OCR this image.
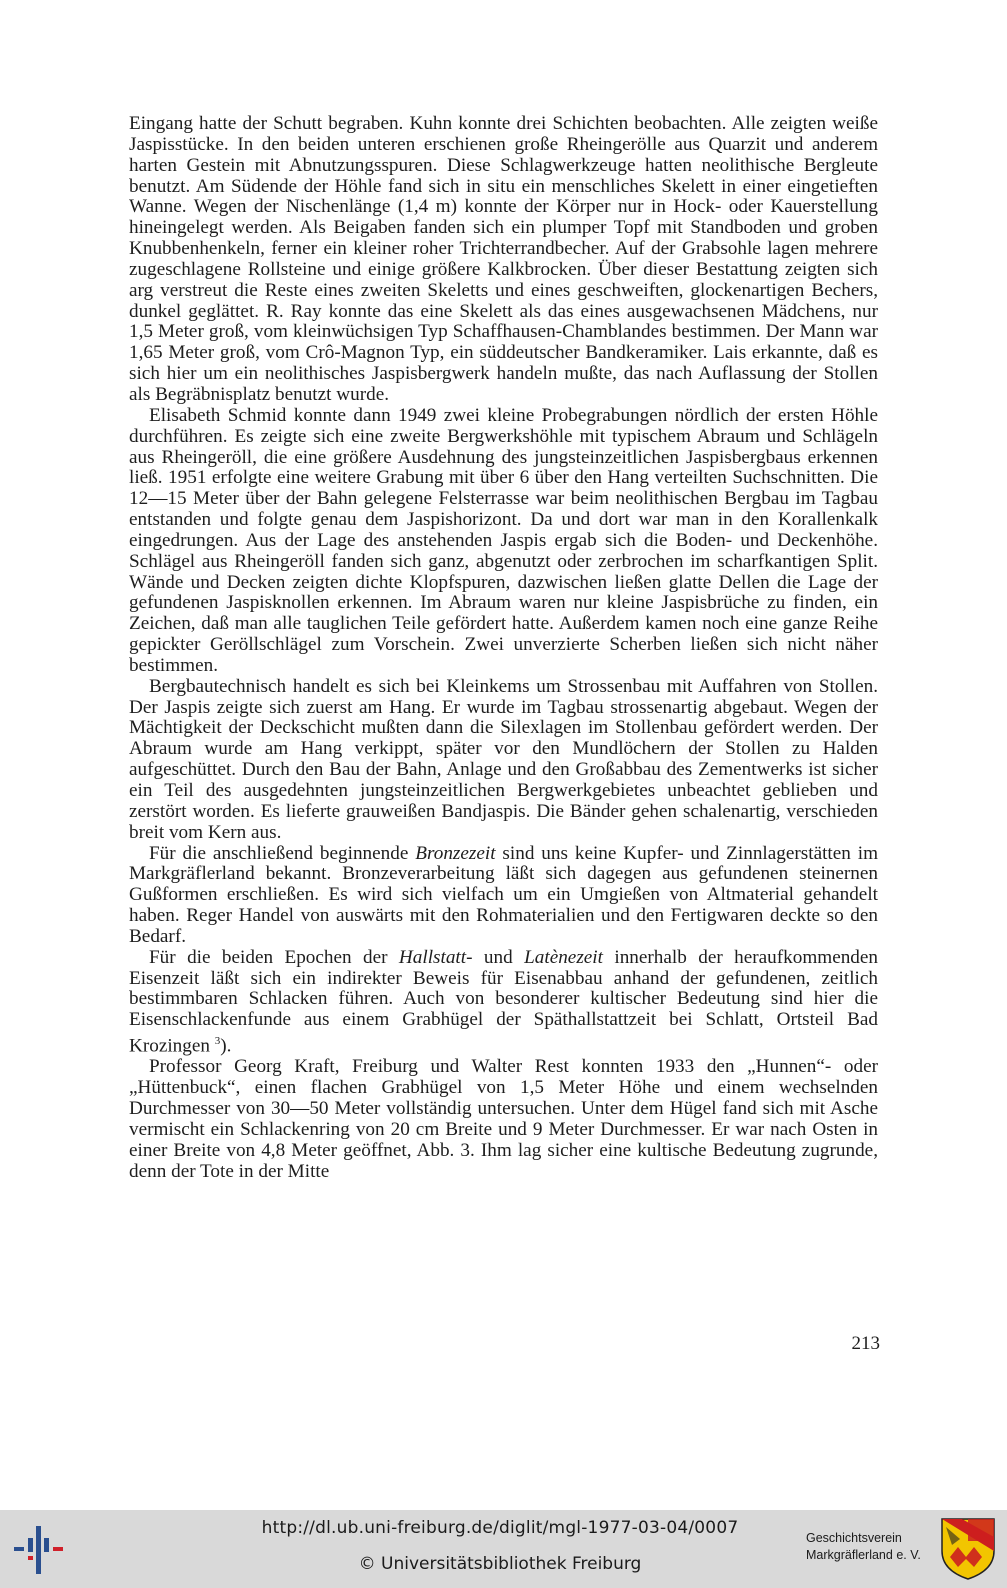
Eingang hatte der Schutt begraben. Kuhn konnte drei Schichten beobachten. Alle zeigten weiße Jaspisstücke. In den beiden unteren erschienen große Rheingerölle aus Quarzit und anderem harten Gestein mit Abnutzungsspuren. Diese Schlagwerkzeuge hatten neolithische Bergleute benutzt. Am Südende der Höhle fand sich in situ ein menschliches Skelett in einer eingetieften Wanne. Wegen der Nischenlänge (1,4 m) konnte der Körper nur in Hock- oder Kauerstellung hineingelegt werden. Als Beigaben fanden sich ein plumper Topf mit Standboden und groben Knubbenhenkeln, ferner ein kleiner roher Trichterrandbecher. Auf der Grabsohle lagen mehrere zugeschlagene Rollsteine und einige größere Kalkbrocken. Über dieser Bestattung zeigten sich arg verstreut die Reste eines zweiten Skeletts und eines geschweiften, glockenartigen Bechers, dunkel geglättet. R. Ray konnte das eine Skelett als das eines ausgewachsenen Mädchens, nur 1,5 Meter groß, vom kleinwüchsigen Typ Schaffhausen-Chamblandes bestimmen. Der Mann war 1,65 Meter groß, vom Crô-Magnon Typ, ein süddeutscher Bandkeramiker. Lais erkannte, daß es sich hier um ein neolithisches Jaspisbergwerk handeln mußte, das nach Auflassung der Stollen als Begräbnisplatz benutzt wurde.

Elisabeth Schmid konnte dann 1949 zwei kleine Probegrabungen nördlich der ersten Höhle durchführen. Es zeigte sich eine zweite Bergwerkshöhle mit typischem Abraum und Schlägeln aus Rheingeröll, die eine größere Ausdehnung des jungsteinzeitlichen Jaspisbergbaus erkennen ließ. 1951 erfolgte eine weitere Grabung mit über 6 über den Hang verteilten Suchschnitten. Die 12—15 Meter über der Bahn gelegene Felsterrasse war beim neolithischen Bergbau im Tagbau entstanden und folgte genau dem Jaspishorizont. Da und dort war man in den Korallenkalk eingedrungen. Aus der Lage des anstehenden Jaspis ergab sich die Boden- und Deckenhöhe. Schlägel aus Rheingeröll fanden sich ganz, abgenutzt oder zerbrochen im scharfkantigen Split. Wände und Decken zeigten dichte Klopfspuren, dazwischen ließen glatte Dellen die Lage der gefundenen Jaspisknollen erkennen. Im Abraum waren nur kleine Jaspisbrüche zu finden, ein Zeichen, daß man alle tauglichen Teile gefördert hatte. Außerdem kamen noch eine ganze Reihe gepickter Geröllschlägel zum Vorschein. Zwei unverzierte Scherben ließen sich nicht näher bestimmen.

Bergbautechnisch handelt es sich bei Kleinkems um Strossenbau mit Auffahren von Stollen. Der Jaspis zeigte sich zuerst am Hang. Er wurde im Tagbau strossenartig abgebaut. Wegen der Mächtigkeit der Deckschicht mußten dann die Silexlagen im Stollenbau gefördert werden. Der Abraum wurde am Hang verkippt, später vor den Mundlöchern der Stollen zu Halden aufgeschüttet. Durch den Bau der Bahn, Anlage und den Großabbau des Zementwerks ist sicher ein Teil des ausgedehnten jungsteinzeitlichen Bergwerkgebietes unbeachtet geblieben und zerstört worden. Es lieferte grauweißen Bandjaspis. Die Bänder gehen schalenartig, verschieden breit vom Kern aus.

Für die anschließend beginnende Bronzezeit sind uns keine Kupfer- und Zinnlagerstätten im Markgräflerland bekannt. Bronzeverarbeitung läßt sich dagegen aus gefundenen steinernen Gußformen erschließen. Es wird sich vielfach um ein Umgießen von Altmaterial gehandelt haben. Reger Handel von auswärts mit den Rohmaterialien und den Fertigwaren deckte so den Bedarf.

Für die beiden Epochen der Hallstatt- und Latènezeit innerhalb der heraufkommenden Eisenzeit läßt sich ein indirekter Beweis für Eisenabbau anhand der gefundenen, zeitlich bestimmbaren Schlacken führen. Auch von besonderer kultischer Bedeutung sind hier die Eisenschlackenfunde aus einem Grabhügel der Späthallstattzeit bei Schlatt, Ortsteil Bad Krozingen $^3$).

Professor Georg Kraft, Freiburg und Walter Rest konnten 1933 den „Hunnen“- oder „Hüttenbuck“, einen flachen Grabhügel von 1,5 Meter Höhe und einem wechselnden Durchmesser von 30—50 Meter vollständig untersuchen. Unter dem Hügel fand sich mit Asche vermischt ein Schlackenring von 20 cm Breite und 9 Meter Durchmesser. Er war nach Osten in einer Breite von 4,8 Meter geöffnet, Abb. 3. Ihm lag sicher eine kultische Bedeutung zugrunde, denn der Tote in der Mitte

213
http://dl.ub.uni-freiburg.de/diglit/mgl-1977-03-04/0007
© Universitätsbibliothek Freiburg
Geschichtsverein
Markgräflerland e. V.
